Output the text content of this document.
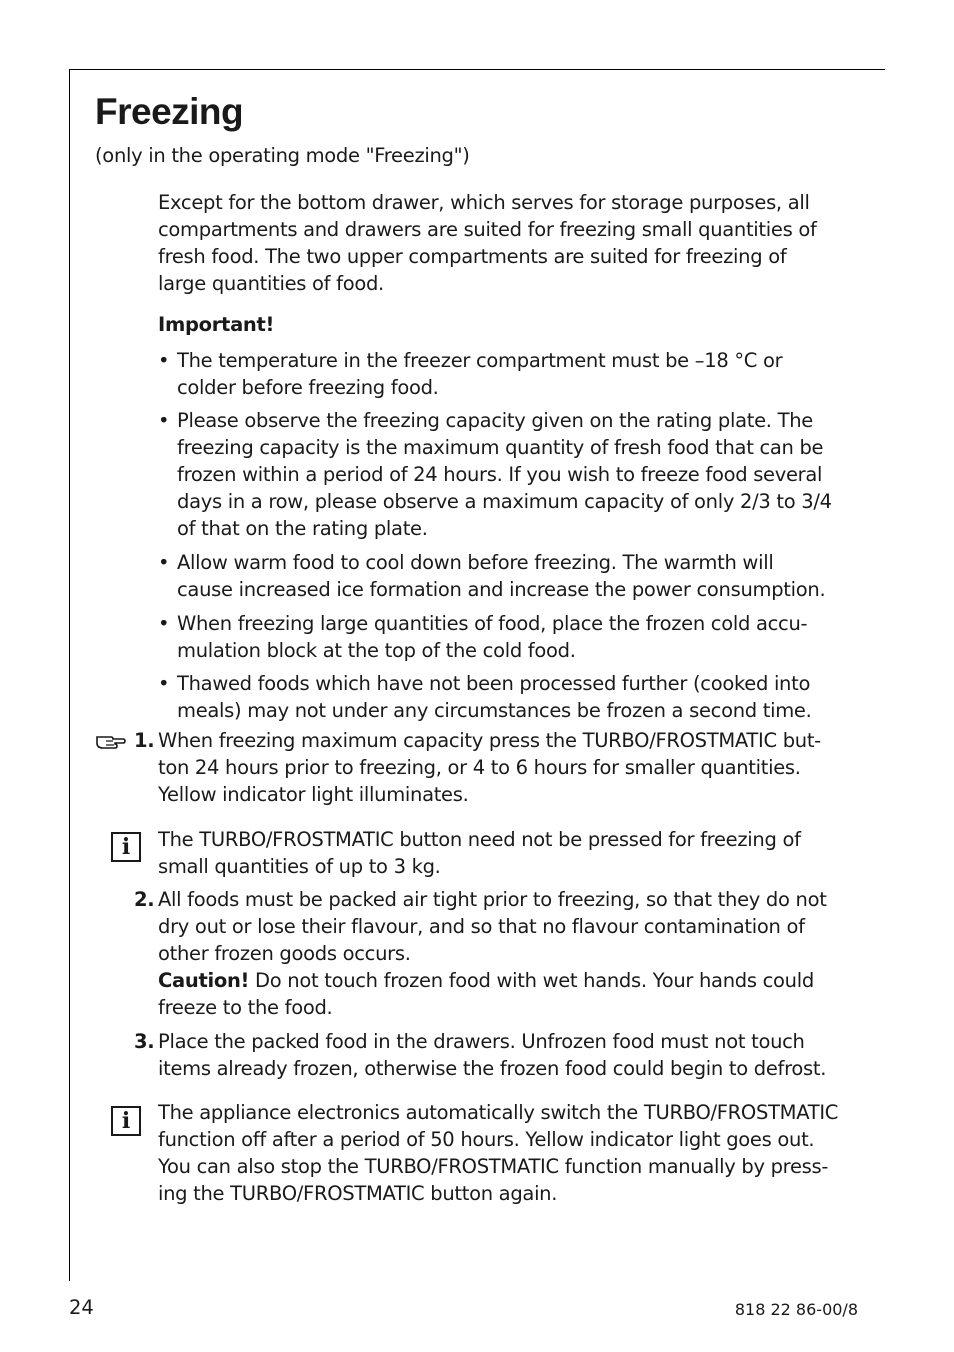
Freezing

(only in the operating mode "Freezing")

Except for the bottom drawer, which serves for storage purposes, all

compartments and drawers are suited for freezing small quantities of

fresh food. The two upper compartments are suited for freezing of

large quantities of food.

Important!
• The temperature in the freezer compartment must be –18 °C or

colder before freezing food.

• Please observe the freezing capacity given on the rating plate. The

freezing capacity is the maximum quantity of fresh food that can be

frozen within a period of 24 hours. If you wish to freeze food several

days in a row, please observe a maximum capacity of only 2/3 to 3/4

of that on the rating plate.

• Allow warm food to cool down before freezing. The warmth will

cause increased ice formation and increase the power consumption.

• When freezing large quantities of food, place the frozen cold accu-

mulation block at the top of the cold food.

• Thawed foods which have not been processed further (cooked into

meals) may not under any circumstances be frozen a second time.

1. When freezing maximum capacity press the TURBO/FROSTMATIC but-

ton 24 hours prior to freezing, or 4 to 6 hours for smaller quantities.

Yellow indicator light illuminates.

i	The TURBO/FROSTMATIC button need not be pressed for freezing of

small quantities of up to 3 kg.

2. All foods must be packed air tight prior to freezing, so that they do not

dry out or lose their flavour, and so that no flavour contamination of

other frozen goods occurs.

Caution! Do not touch frozen food with wet hands. Your hands could

freeze to the food.

3. Place the packed food in the drawers. Unfrozen food must not touch

items already frozen, otherwise the frozen food could begin to defrost.

i	The appliance electronics automatically switch the TURBO/FROSTMATIC

function off after a period of 50 hours. Yellow indicator light goes out.

You can also stop the TURBO/FROSTMATIC function manually by press-

ing the TURBO/FROSTMATIC button again.

24	818 22 86-00/8
